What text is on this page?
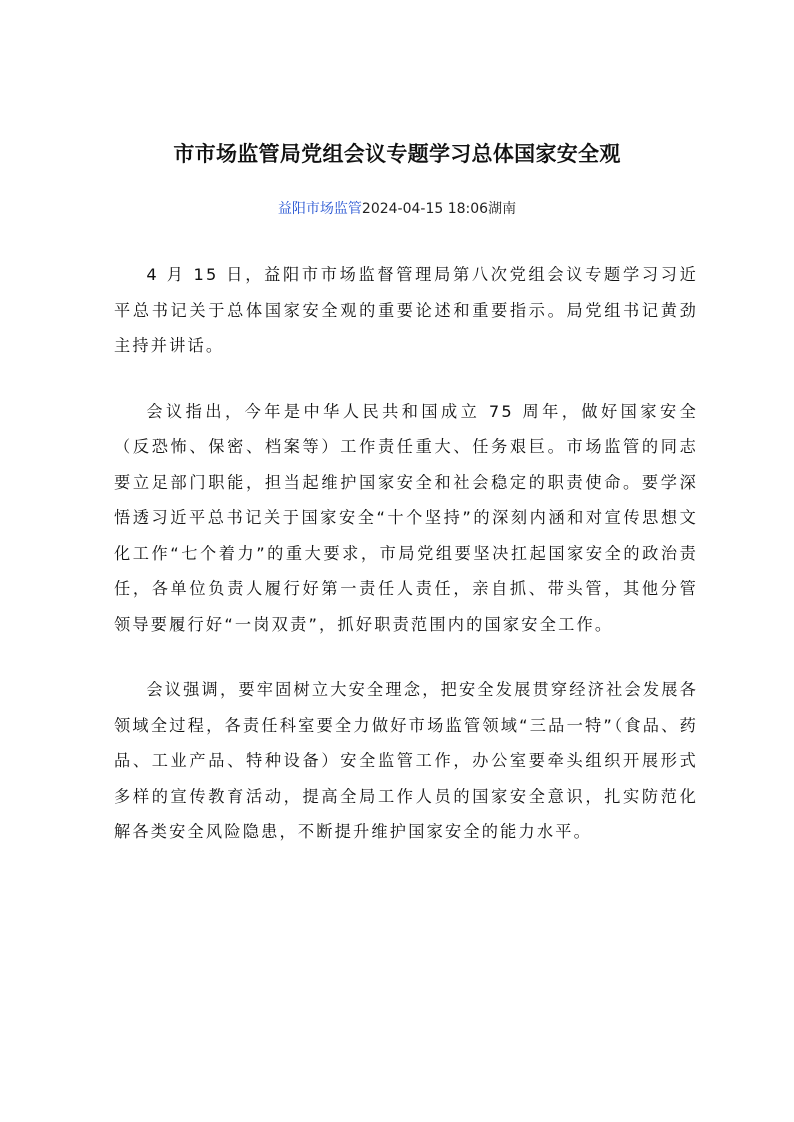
市市场监管局党组会议专题学习总体国家安全观
益阳市场监管2024-04-15 18:06湖南

4 月 15 日，益阳市市场监督管理局第八次党组会议专题学习习近平总书记关于总体国家安全观的重要论述和重要指示。局党组书记黄劲主持并讲话。

会议指出，今年是中华人民共和国成立 75 周年，做好国家安全（反恐怖、保密、档案等）工作责任重大、任务艰巨。市场监管的同志要立足部门职能，担当起维护国家安全和社会稳定的职责使命。要学深悟透习近平总书记关于国家安全“十个坚持”的深刻内涵和对宣传思想文化工作“七个着力”的重大要求，市局党组要坚决扛起国家安全的政治责任，各单位负责人履行好第一责任人责任，亲自抓、带头管，其他分管领导要履行好“一岗双责”，抓好职责范围内的国家安全工作。

会议强调，要牢固树立大安全理念，把安全发展贯穿经济社会发展各领域全过程，各责任科室要全力做好市场监管领域“三品一特”（食品、药品、工业产品、特种设备）安全监管工作，办公室要牵头组织开展形式多样的宣传教育活动，提高全局工作人员的国家安全意识，扎实防范化解各类安全风险隐患，不断提升维护国家安全的能力水平。
